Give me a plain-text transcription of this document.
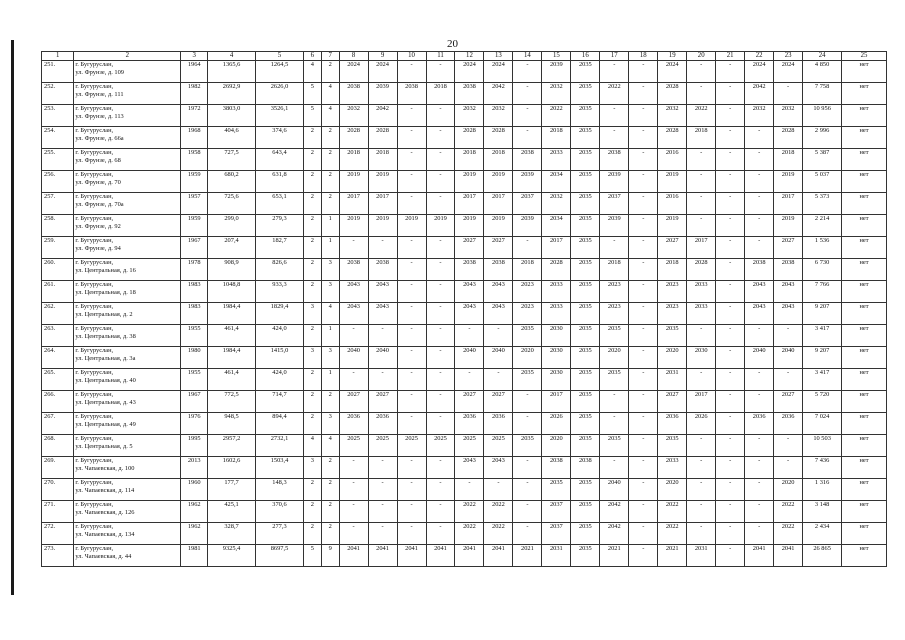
20
1	2	3	4	5	6	7	8	9	10	11	12	13	14	15	16	17	18	19	20	21	22	23	24	25
251.	г. Бугуруслан,
ул. Фрунзе, д. 109	1964	1365,6	1264,5	4	2	2024	2024	-	-	2024	2024	-	2039	2035	-	-	2024	-	-	2024	2024	4 850	нет
252.	г. Бугуруслан,
ул. Фрунзе, д. 111	1982	2692,9	2626,0	5	4	2038	2039	2038	2018	2038	2042	-	2032	2035	2022	-	2028	-	-	2042	-	7 758	нет
253.	г. Бугуруслан,
ул. Фрунзе, д. 113	1972	3803,0	3526,1	5	4	2032	2042	-	-	2032	2032	-	2022	2035	-	-	2032	2022	-	2032	2032	10 956	нет
254.	г. Бугуруслан,
ул. Фрунзе, д. 66а	1968	404,6	374,6	2	2	2028	2028	-	-	2028	2028	-	2018	2035	-	-	2028	2018	-	-	2028	2 996	нет
255.	г. Бугуруслан,
ул. Фрунзе, д. 68	1958	727,5	643,4	2	2	2018	2018	-	-	2018	2018	2038	2033	2035	2038	-	2016	-	-	-	2018	5 387	нет
256.	г. Бугуруслан,
ул. Фрунзе, д. 70	1959	680,2	631,8	2	2	2019	2019	-	-	2019	2019	2039	2034	2035	2039	-	2019	-	-	-	2019	5 037	нет
257.	г. Бугуруслан,
ул. Фрунзе, д. 70а	1957	725,6	653,1	2	2	2017	2017	-	-	2017	2017	2037	2032	2035	2037	-	2016	-	-	-	2017	5 373	нет
258.	г. Бугуруслан,
ул. Фрунзе, д. 92	1959	299,0	279,3	2	1	2019	2019	2019	2019	2019	2019	2039	2034	2035	2039	-	2019	-	-	-	2019	2 214	нет
259.	г. Бугуруслан,
ул. Фрунзе, д. 94	1967	207,4	182,7	2	1	-	-	-	-	2027	2027	-	2017	2035	-	-	2027	2017	-	-	2027	1 536	нет
260.	г. Бугуруслан,
ул. Центральная, д. 16	1978	908,9	826,6	2	3	2038	2038	-	-	2038	2038	2018	2028	2035	2018	-	2018	2028	-	2038	2038	6 730	нет
261.	г. Бугуруслан,
ул. Центральная, д. 18	1983	1048,8	933,3	2	3	2043	2043	-	-	2043	2043	2023	2033	2035	2023	-	2023	2033	-	2043	2043	7 766	нет
262.	г. Бугуруслан,
ул. Центральная, д. 2	1983	1984,4	1829,4	3	4	2043	2043	-	-	2043	2043	2023	2033	2035	2023	-	2023	2033	-	2043	2043	9 207	нет
263.	г. Бугуруслан,
ул. Центральная, д. 38	1955	461,4	424,0	2	1	-	-	-	-	-	-	2035	2030	2035	2035	-	2035	-	-	-	-	3 417	нет
264.	г. Бугуруслан,
ул. Центральная, д. 3а	1980	1984,4	1415,0	3	3	2040	2040	-	-	2040	2040	2020	2030	2035	2020	-	2020	2030	-	2040	2040	9 207	нет
265.	г. Бугуруслан,
ул. Центральная, д. 40	1955	461,4	424,0	2	1	-	-	-	-	-	-	2035	2030	2035	2035	-	2031	-	-	-	-	3 417	нет
266.	г. Бугуруслан,
ул. Центральная, д. 43	1967	772,5	714,7	2	2	2027	2027	-	-	2027	2027	-	2017	2035	-	-	2027	2017	-	-	2027	5 720	нет
267.	г. Бугуруслан,
ул. Центральная, д. 49	1976	948,5	894,4	2	3	2036	2036	-	-	2036	2036	-	2026	2035	-	-	2036	2026	-	2036	2036	7 024	нет
268.	г. Бугуруслан,
ул. Центральная, д. 5	1995	2957,2	2732,1	4	4	2025	2025	2025	2025	2025	2025	2035	2020	2035	2035	-	2035	-	-	-	-	10 503	нет
269.	г. Бугуруслан,
ул. Чапаевская, д. 100	2013	1602,6	1503,4	3	2	-	-	-	-	2043	2043	-	2038	2038	-	-	2033	-	-	-	-	7 436	нет
270.	г. Бугуруслан,
ул. Чапаевская, д. 114	1960	177,7	148,3	2	2	-	-	-	-	-	-	-	2035	2035	2040	-	2020	-	-	-	2020	1 316	нет
271.	г. Бугуруслан,
ул. Чапаевская, д. 126	1962	425,1	370,6	2	2	-	-	-	-	2022	2022	-	2037	2035	2042	-	2022	-	-	-	2022	3 148	нет
272.	г. Бугуруслан,
ул. Чапаевская, д. 134	1962	328,7	277,3	2	2	-	-	-	-	2022	2022	-	2037	2035	2042	-	2022	-	-	-	2022	2 434	нет
273.	г. Бугуруслан,
ул. Чапаевская, д. 44	1981	9325,4	8697,5	5	9	2041	2041	2041	2041	2041	2041	2021	2031	2035	2021	-	2021	2031	-	2041	2041	26 865	нет
